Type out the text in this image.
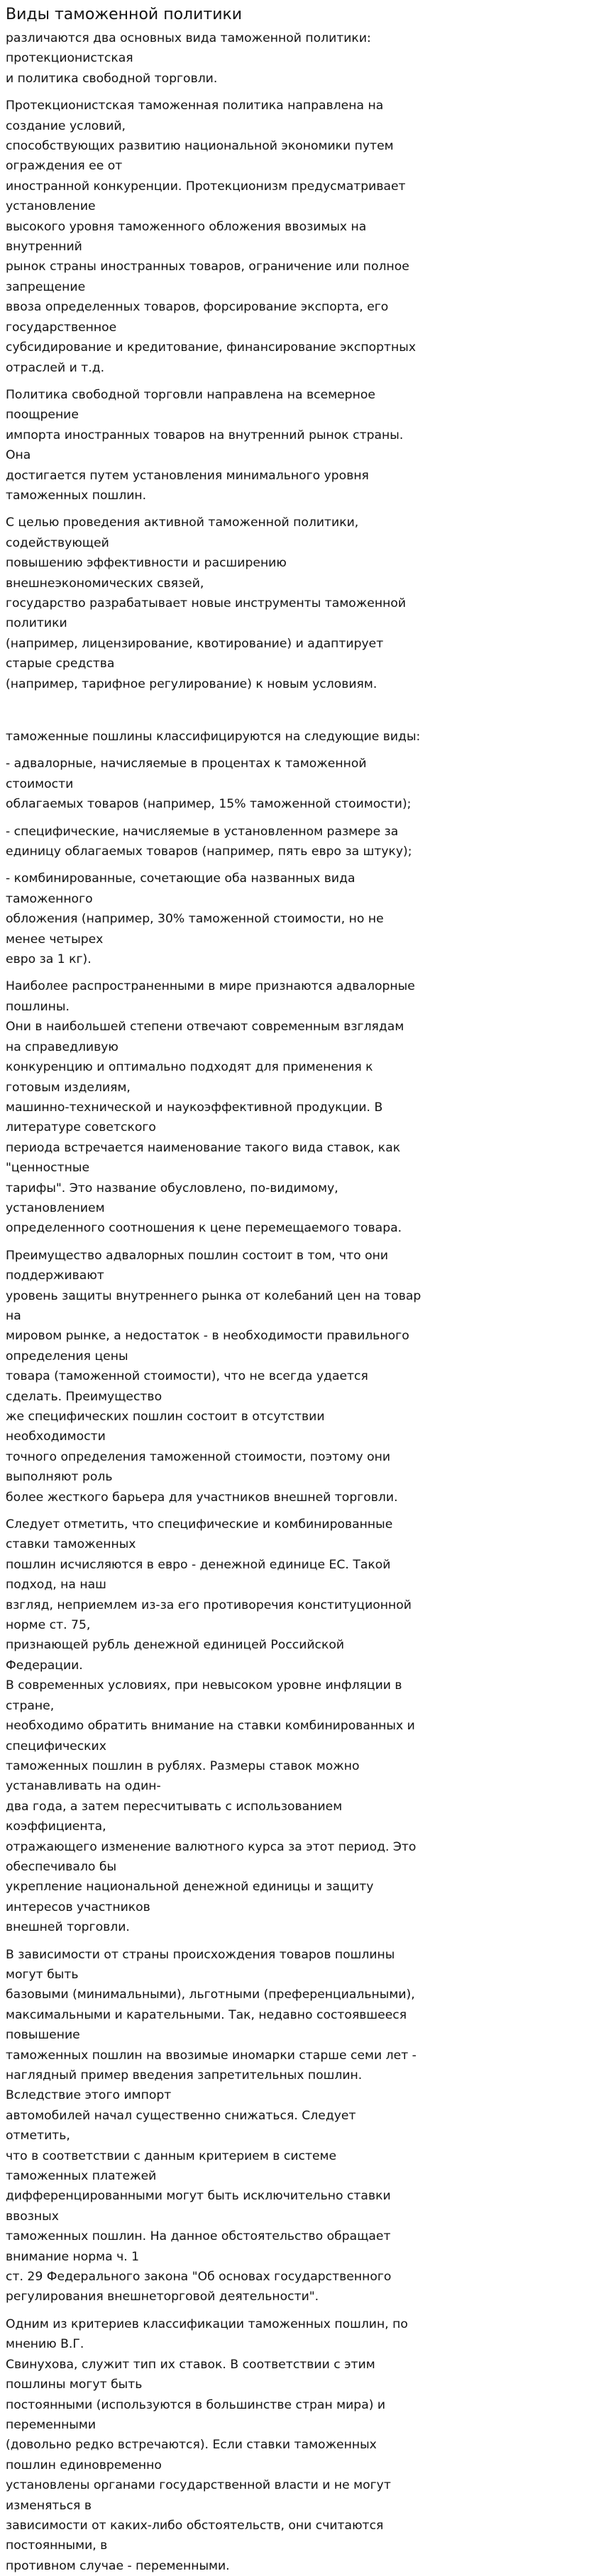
Виды таможенной политики

различаются два основных вида таможенной политики: протекционистская
и политика свободной торговли.

Протекционистская таможенная политика направлена на создание условий,
способствующих развитию национальной экономики путем ограждения ее от
иностранной конкуренции. Протекционизм предусматривает установление
высокого уровня таможенного обложения ввозимых на внутренний
рынок страны иностранных товаров, ограничение или полное запрещение
ввоза определенных товаров, форсирование экспорта, его государственное
субсидирование и кредитование, финансирование экспортных отраслей и т.д.

Политика свободной торговли направлена на всемерное поощрение
импорта иностранных товаров на внутренний рынок страны. Она
достигается путем установления минимального уровня таможенных пошлин.

С целью проведения активной таможенной политики, содействующей
повышению эффективности и расширению внешнеэкономических связей,
государство разрабатывает новые инструменты таможенной политики
(например, лицензирование, квотирование) и адаптирует старые средства
(например, тарифное регулирование) к новым условиям.

таможенные пошлины классифицируются на следующие виды:

- адвалорные, начисляемые в процентах к таможенной стоимости
облагаемых товаров (например, 15% таможенной стоимости);

- специфические, начисляемые в установленном размере за
единицу облагаемых товаров (например, пять евро за штуку);

- комбинированные, сочетающие оба названных вида таможенного
обложения (например, 30% таможенной стоимости, но не менее четырех
евро за 1 кг).

Наиболее распространенными в мире признаются адвалорные пошлины.
Они в наибольшей степени отвечают современным взглядам на справедливую
конкуренцию и оптимально подходят для применения к готовым изделиям,
машинно-технической и наукоэффективной продукции. В литературе советского
периода встречается наименование такого вида ставок, как "ценностные
тарифы". Это название обусловлено, по-видимому, установлением
определенного соотношения к цене перемещаемого товара.

Преимущество адвалорных пошлин состоит в том, что они поддерживают
уровень защиты внутреннего рынка от колебаний цен на товар на
мировом рынке, а недостаток - в необходимости правильного определения цены
товара (таможенной стоимости), что не всегда удается сделать. Преимущество
же специфических пошлин состоит в отсутствии необходимости
точного определения таможенной стоимости, поэтому они выполняют роль
более жесткого барьера для участников внешней торговли.

Следует отметить, что специфические и комбинированные ставки таможенных
пошлин исчисляются в евро - денежной единице ЕС. Такой подход, на наш
взгляд, неприемлем из-за его противоречия конституционной норме ст. 75,
признающей рубль денежной единицей Российской Федерации.
В современных условиях, при невысоком уровне инфляции в стране,
необходимо обратить внимание на ставки комбинированных и специфических
таможенных пошлин в рублях. Размеры ставок можно устанавливать на один-
два года, а затем пересчитывать с использованием коэффициента,
отражающего изменение валютного курса за этот период. Это обеспечивало бы
укрепление национальной денежной единицы и защиту интересов участников
внешней торговли.

В зависимости от страны происхождения товаров пошлины могут быть
базовыми (минимальными), льготными (преференциальными),
максимальными и карательными. Так, недавно состоявшееся повышение
таможенных пошлин на ввозимые иномарки старше семи лет -
наглядный пример введения запретительных пошлин. Вследствие этого импорт
автомобилей начал существенно снижаться. Следует отметить,
что в соответствии с данным критерием в системе таможенных платежей
дифференцированными могут быть исключительно ставки ввозных
таможенных пошлин. На данное обстоятельство обращает внимание норма ч. 1
ст. 29 Федерального закона "Об основах государственного
регулирования внешнеторговой деятельности".

Одним из критериев классификации таможенных пошлин, по мнению В.Г.
Свинухова, служит тип их ставок. В соответствии с этим пошлины могут быть
постоянными (используются в большинстве стран мира) и переменными
(довольно редко встречаются). Если ставки таможенных пошлин единовременно
установлены органами государственной власти и не могут изменяться в
зависимости от каких-либо обстоятельств, они считаются постоянными, в
противном случае - переменными.
